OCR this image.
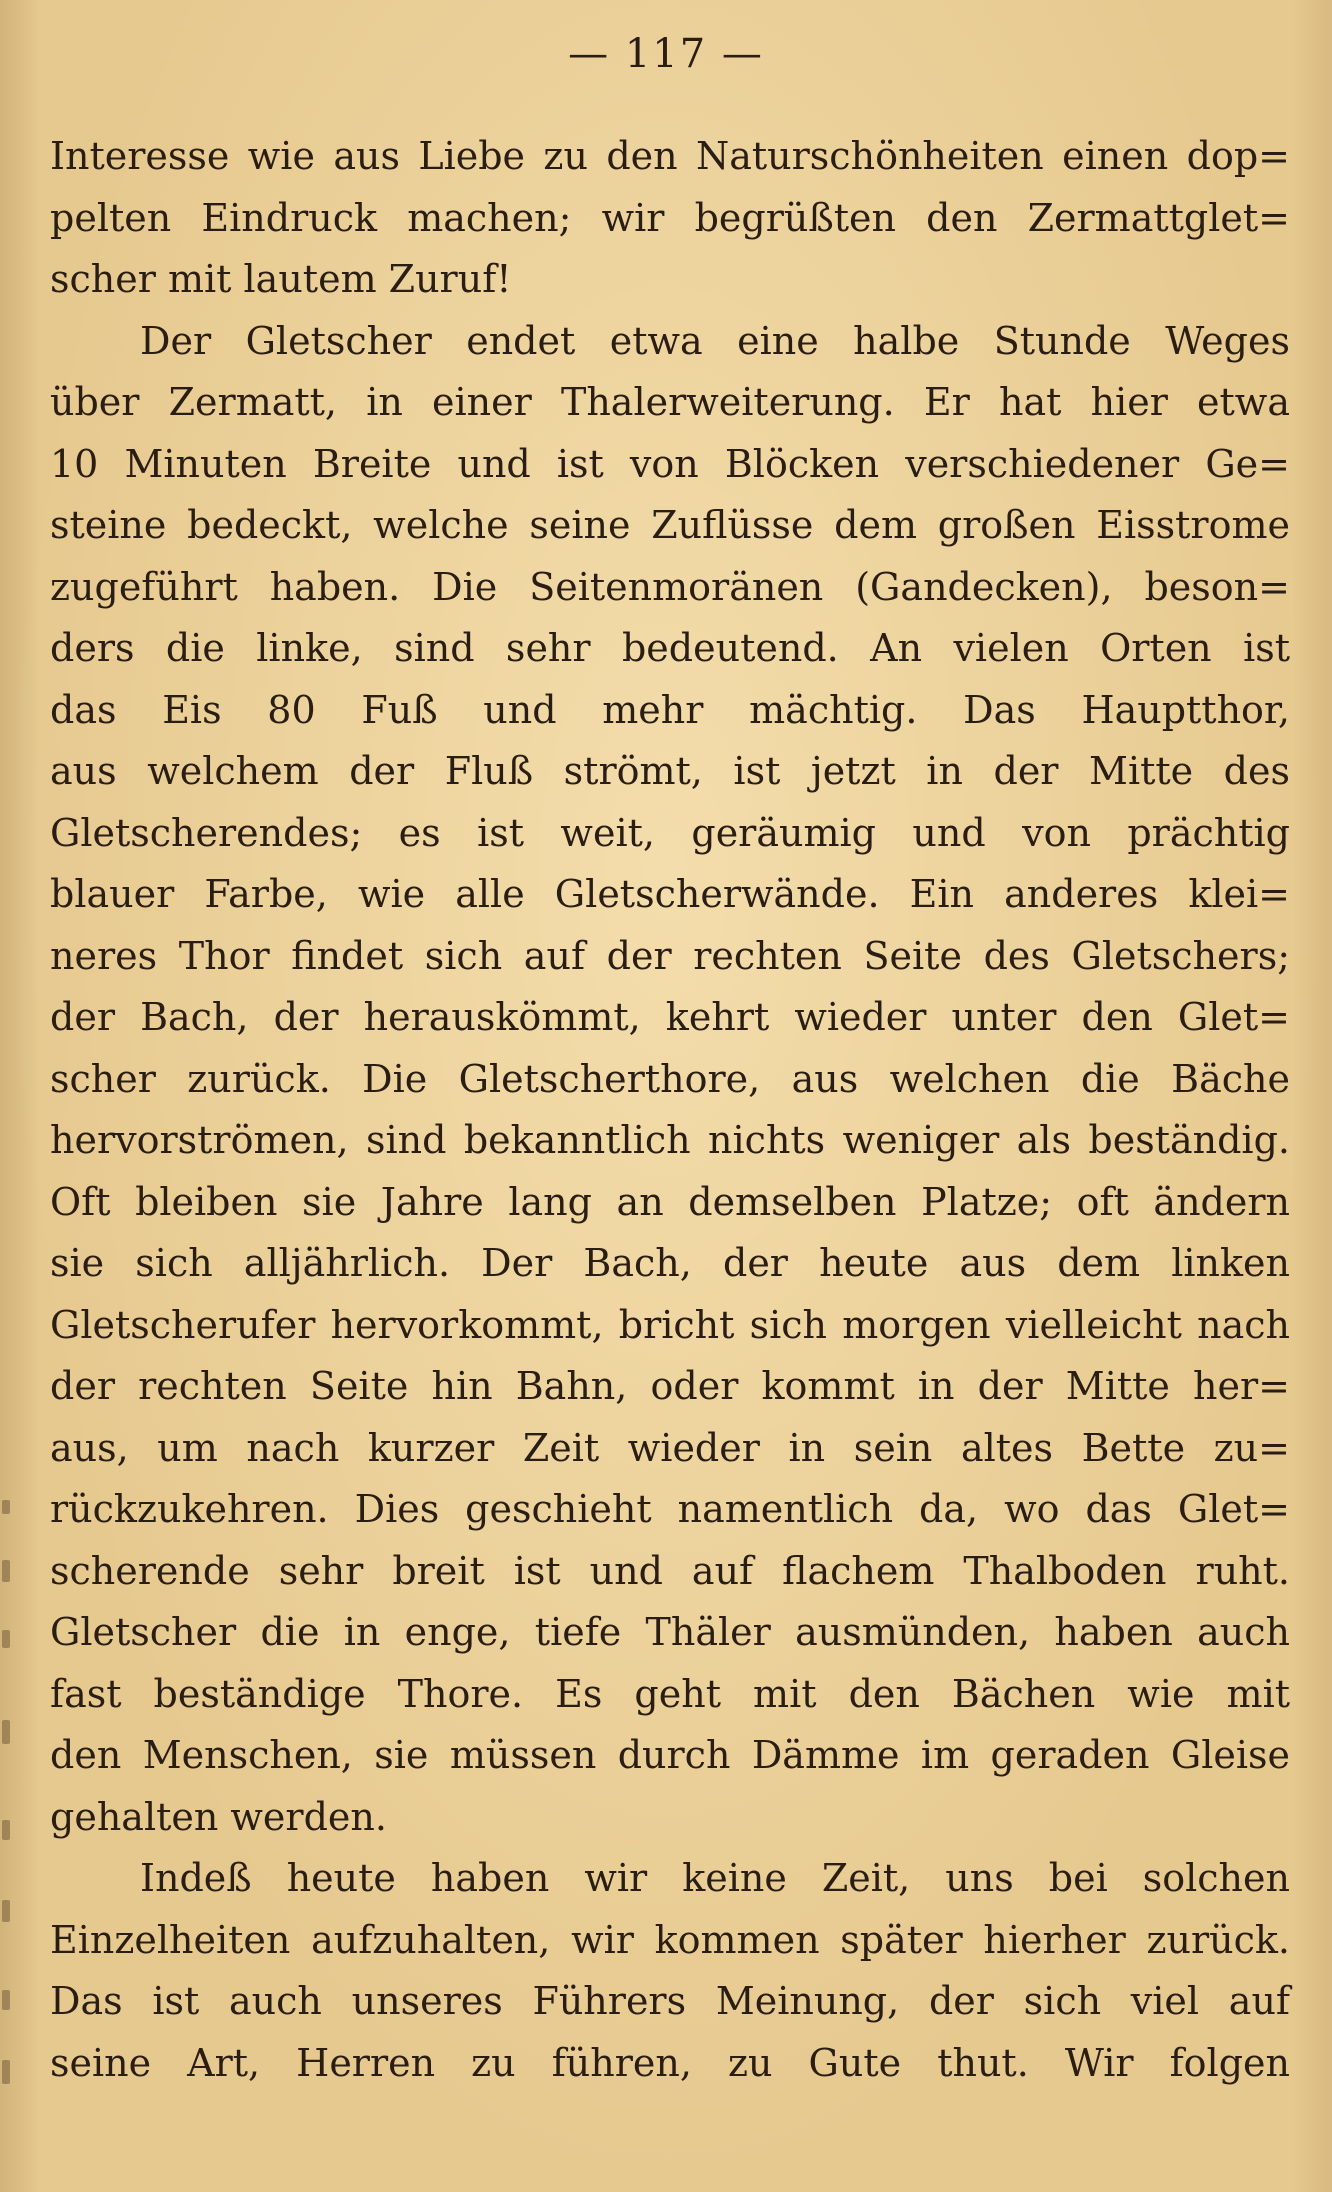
— 117 —
Interesse wie aus Liebe zu den Naturschönheiten einen dop=
pelten Eindruck machen; wir begrüßten den Zermattglet=
scher mit lautem Zuruf!
Der Gletscher endet etwa eine halbe Stunde Weges
über Zermatt, in einer Thalerweiterung. Er hat hier etwa
10 Minuten Breite und ist von Blöcken verschiedener Ge=
steine bedeckt, welche seine Zuflüsse dem großen Eisstrome
zugeführt haben. Die Seitenmoränen (Gandecken), beson=
ders die linke, sind sehr bedeutend. An vielen Orten ist
das Eis 80 Fuß und mehr mächtig. Das Hauptthor,
aus welchem der Fluß strömt, ist jetzt in der Mitte des
Gletscherendes; es ist weit, geräumig und von prächtig
blauer Farbe, wie alle Gletscherwände. Ein anderes klei=
neres Thor findet sich auf der rechten Seite des Gletschers;
der Bach, der herauskömmt, kehrt wieder unter den Glet=
scher zurück. Die Gletscherthore, aus welchen die Bäche
hervorströmen, sind bekanntlich nichts weniger als beständig.
Oft bleiben sie Jahre lang an demselben Platze; oft ändern
sie sich alljährlich. Der Bach, der heute aus dem linken
Gletscherufer hervorkommt, bricht sich morgen vielleicht nach
der rechten Seite hin Bahn, oder kommt in der Mitte her=
aus, um nach kurzer Zeit wieder in sein altes Bette zu=
rückzukehren. Dies geschieht namentlich da, wo das Glet=
scherende sehr breit ist und auf flachem Thalboden ruht.
Gletscher die in enge, tiefe Thäler ausmünden, haben auch
fast beständige Thore. Es geht mit den Bächen wie mit
den Menschen, sie müssen durch Dämme im geraden Gleise
gehalten werden.
Indeß heute haben wir keine Zeit, uns bei solchen
Einzelheiten aufzuhalten, wir kommen später hierher zurück.
Das ist auch unseres Führers Meinung, der sich viel auf
seine Art, Herren zu führen, zu Gute thut. Wir folgen
